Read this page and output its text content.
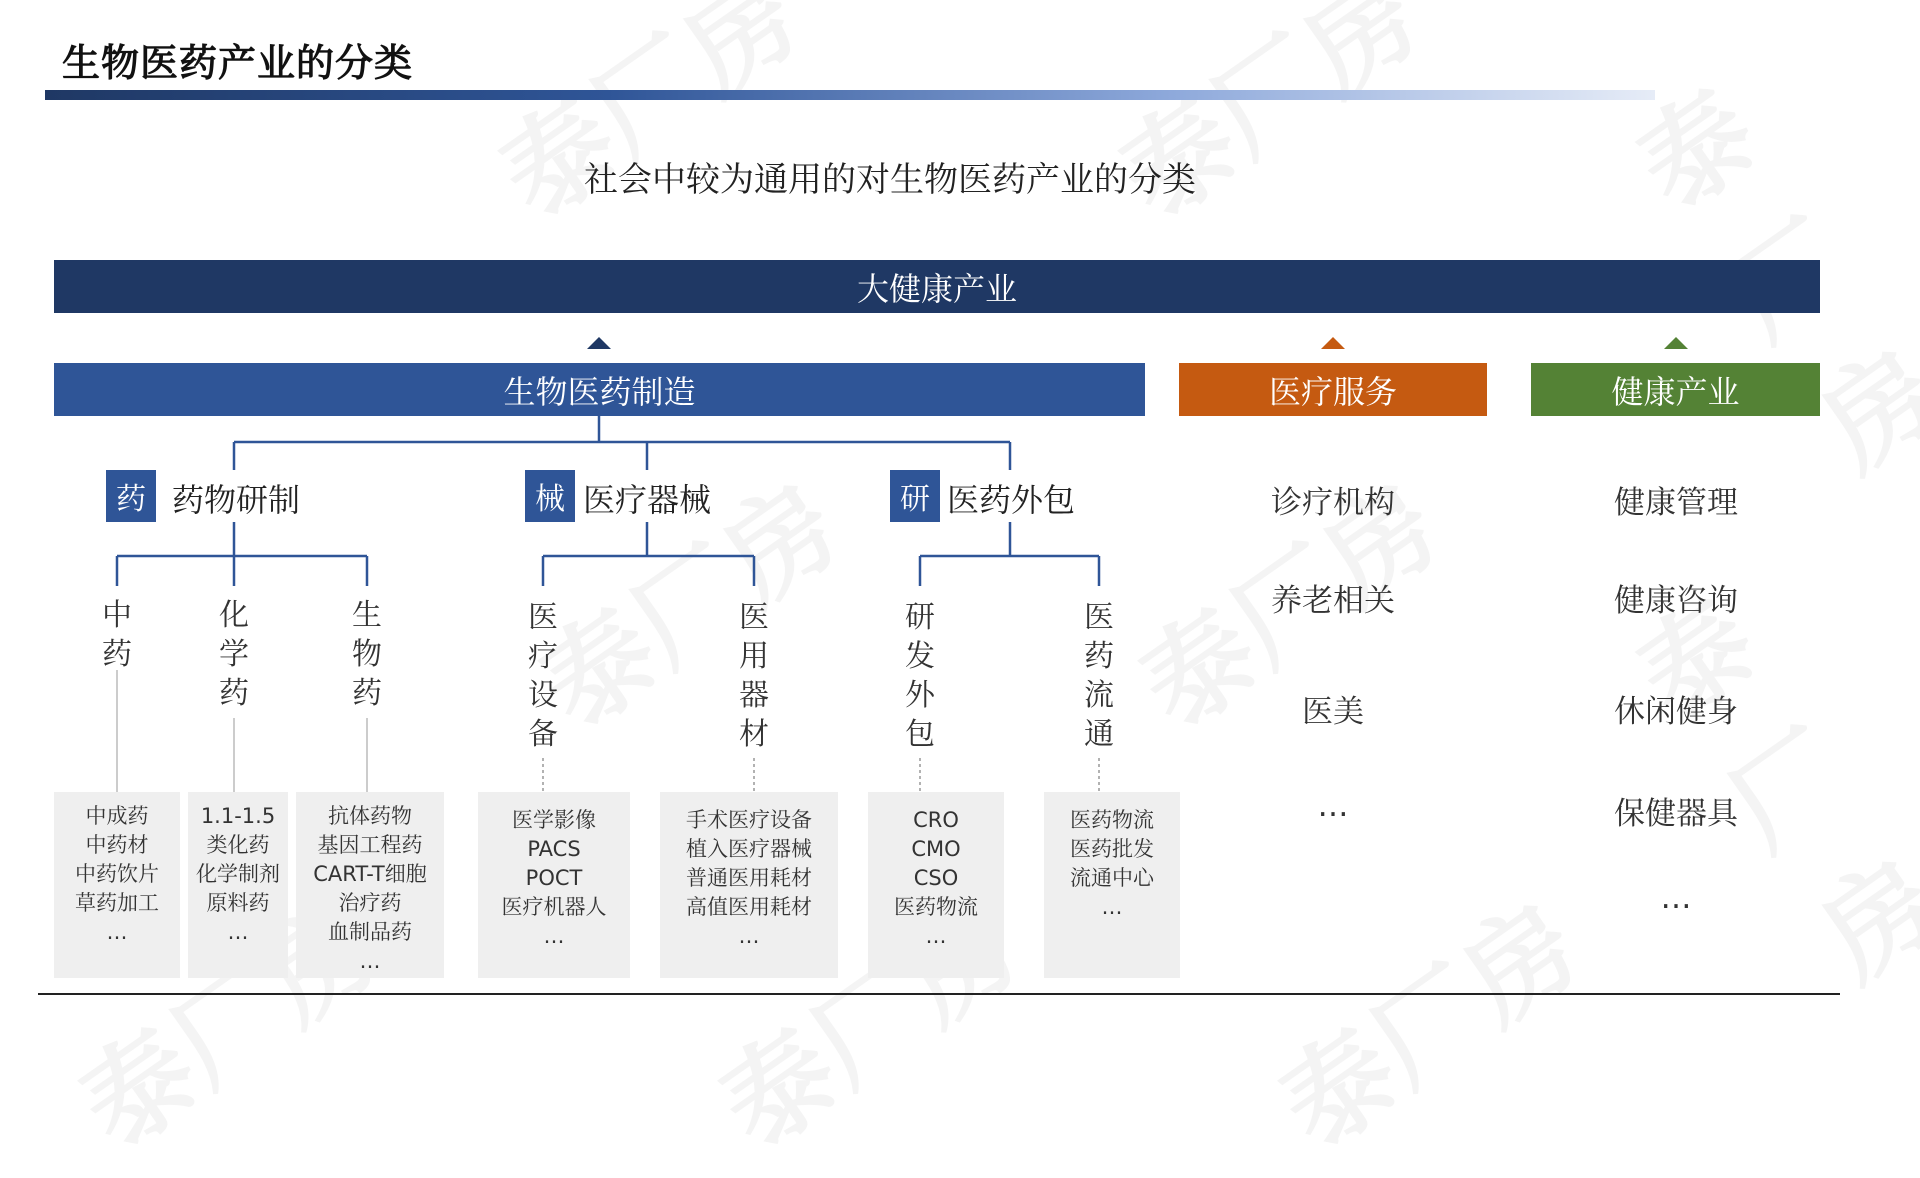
生物医药产业的分类
社会中较为通用的对生物医药产业的分类
大健康产业
生物医药制造	医疗服务	健康产业
药 药物研制	械 医疗器械	研 医药外包
中
药
化
学
药
生
物
药
医
疗
设
备
医
用
器
材
研
发
外
包
医
药
流
通
中成药
中药材
中药饮片
草药加工
…
1.1-1.5
类化药
化学制剂
原料药
…
抗体药物
基因工程药
CART-T细胞
治疗药
血制品药
…
医学影像
PACS
POCT
医疗机器人
…
手术医疗设备
植入医疗器械
普通医用耗材
高值医用耗材
…
CRO
CMO
CSO
医药物流
…
医药物流
医药批发
流通中心
…
诊疗机构
养老相关
医美
…
健康管理
健康咨询
休闲健身
保健器具
…
